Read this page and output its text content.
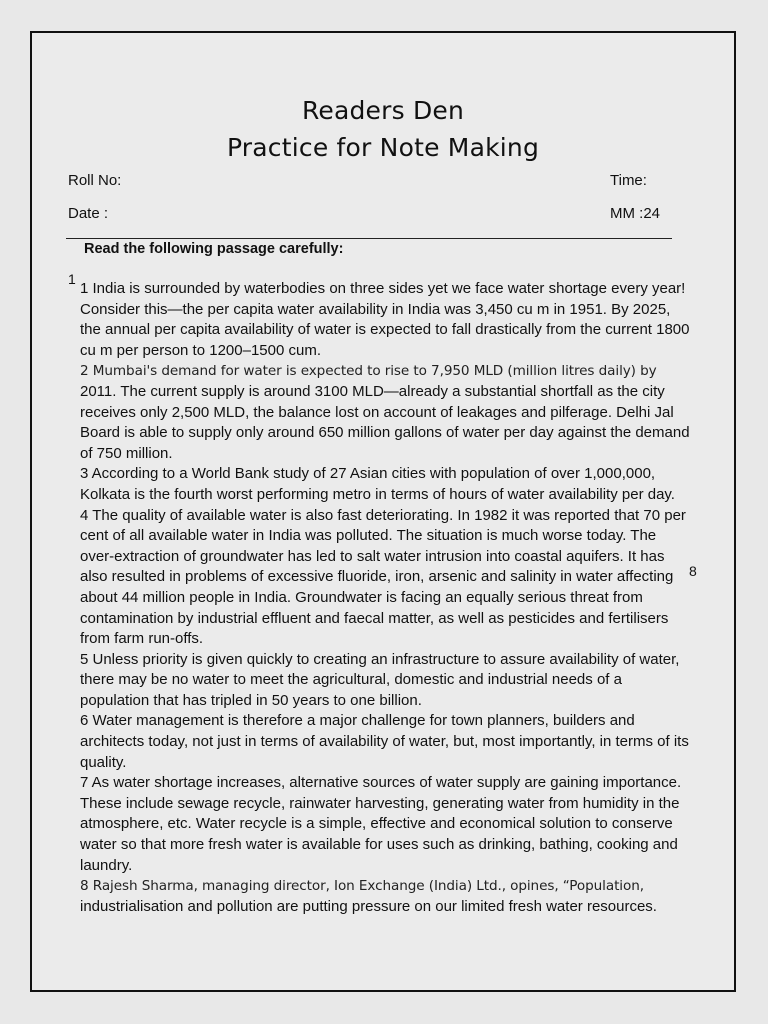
Readers Den
Practice for Note Making
Roll No:	Time:
Date :	MM :24
Read the following passage carefully:
1
8

1 India is surrounded by waterbodies on three sides yet we face water shortage every year! Consider this—the per capita water availability in India was 3,450 cu m in 1951. By 2025, the annual per capita availability of water is expected to fall drastically from the current 1800 cu m per person to 1200–1500 cum.

2 Mumbai's demand for water is expected to rise to 7,950 MLD (million litres daily) by

2011. The current supply is around 3100 MLD—already a substantial shortfall as the city receives only 2,500 MLD, the balance lost on account of leakages and pilferage. Delhi Jal Board is able to supply only around 650 million gallons of water per day against the demand of 750 million.

3 According to a World Bank study of 27 Asian cities with population of over 1,000,000, Kolkata is the fourth worst performing metro in terms of hours of water availability per day.

4 The quality of available water is also fast deteriorating. In 1982 it was reported that 70 per cent of all available water in India was polluted. The situation is much worse today. The over-extraction of groundwater has led to salt water intrusion into coastal aquifers. It has also resulted in problems of excessive fluoride, iron, arsenic and salinity in water affecting about 44 million people in India. Groundwater is facing an equally serious threat from contamination by industrial effluent and faecal matter, as well as pesticides and fertilisers from farm run-offs.

5 Unless priority is given quickly to creating an infrastructure to assure availability of water, there may be no water to meet the agricultural, domestic and industrial needs of a population that has tripled in 50 years to one billion.

6 Water management is therefore a major challenge for town planners, builders and architects today, not just in terms of availability of water, but, most importantly, in terms of its quality.

7 As water shortage increases, alternative sources of water supply are gaining importance. These include sewage recycle, rainwater harvesting, generating water from humidity in the atmosphere, etc. Water recycle is a simple, effective and economical solution to conserve water so that more fresh water is available for uses such as drinking, bathing, cooking and laundry.

8 Rajesh Sharma, managing director, Ion Exchange (India) Ltd., opines, “Population,

industrialisation and pollution are putting pressure on our limited fresh water resources.
